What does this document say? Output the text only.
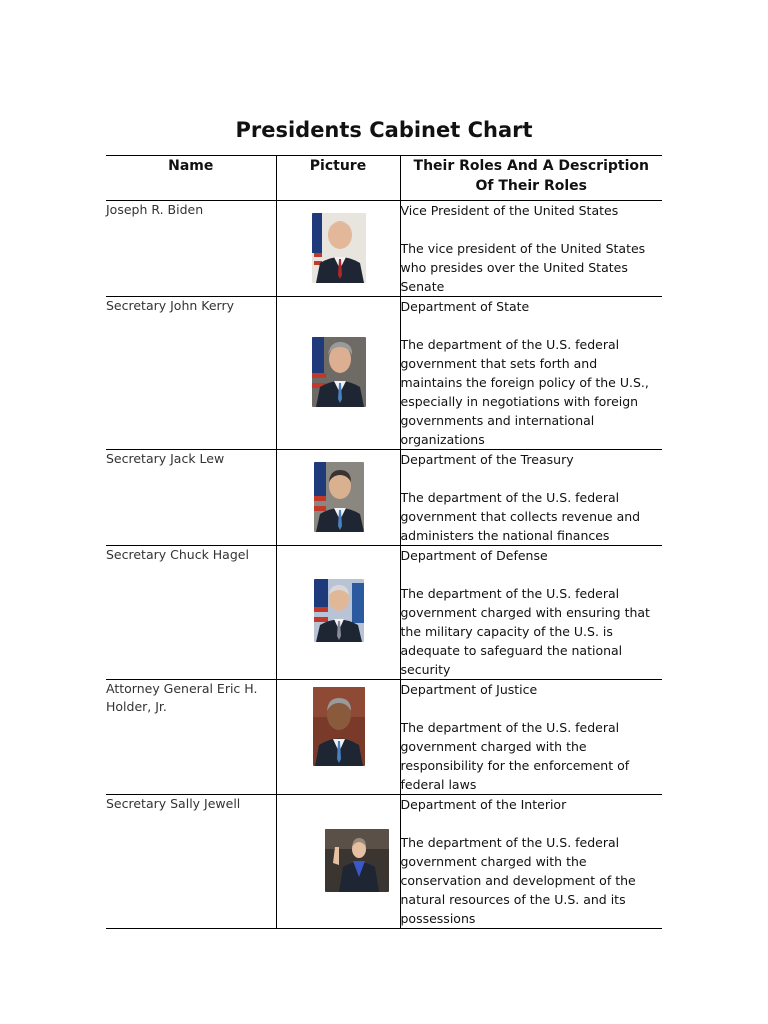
Presidents Cabinet Chart
Name	Picture	Their Roles And A Description Of Their Roles
Joseph R. Biden		Vice President of the United States
The vice president of the United States who presides over the United States Senate

Secretary John Kerry		Department of State
The department of the U.S. federal government that sets forth and maintains the foreign policy of the U.S., especially in negotiations with foreign governments and international organizations

Secretary Jack Lew		Department of the Treasury
The department of the U.S. federal government that collects revenue and administers the national finances

Secretary Chuck Hagel		Department of Defense
The department of the U.S. federal government charged with ensuring that the military capacity of the U.S. is adequate to safeguard the national security

Attorney General Eric H. Holder, Jr.		Department of Justice
The department of the U.S. federal government charged with the responsibility for the enforcement of federal laws

Secretary Sally Jewell		Department of the Interior
The department of the U.S. federal government charged with the conservation and development of the natural resources of the U.S. and its possessions
